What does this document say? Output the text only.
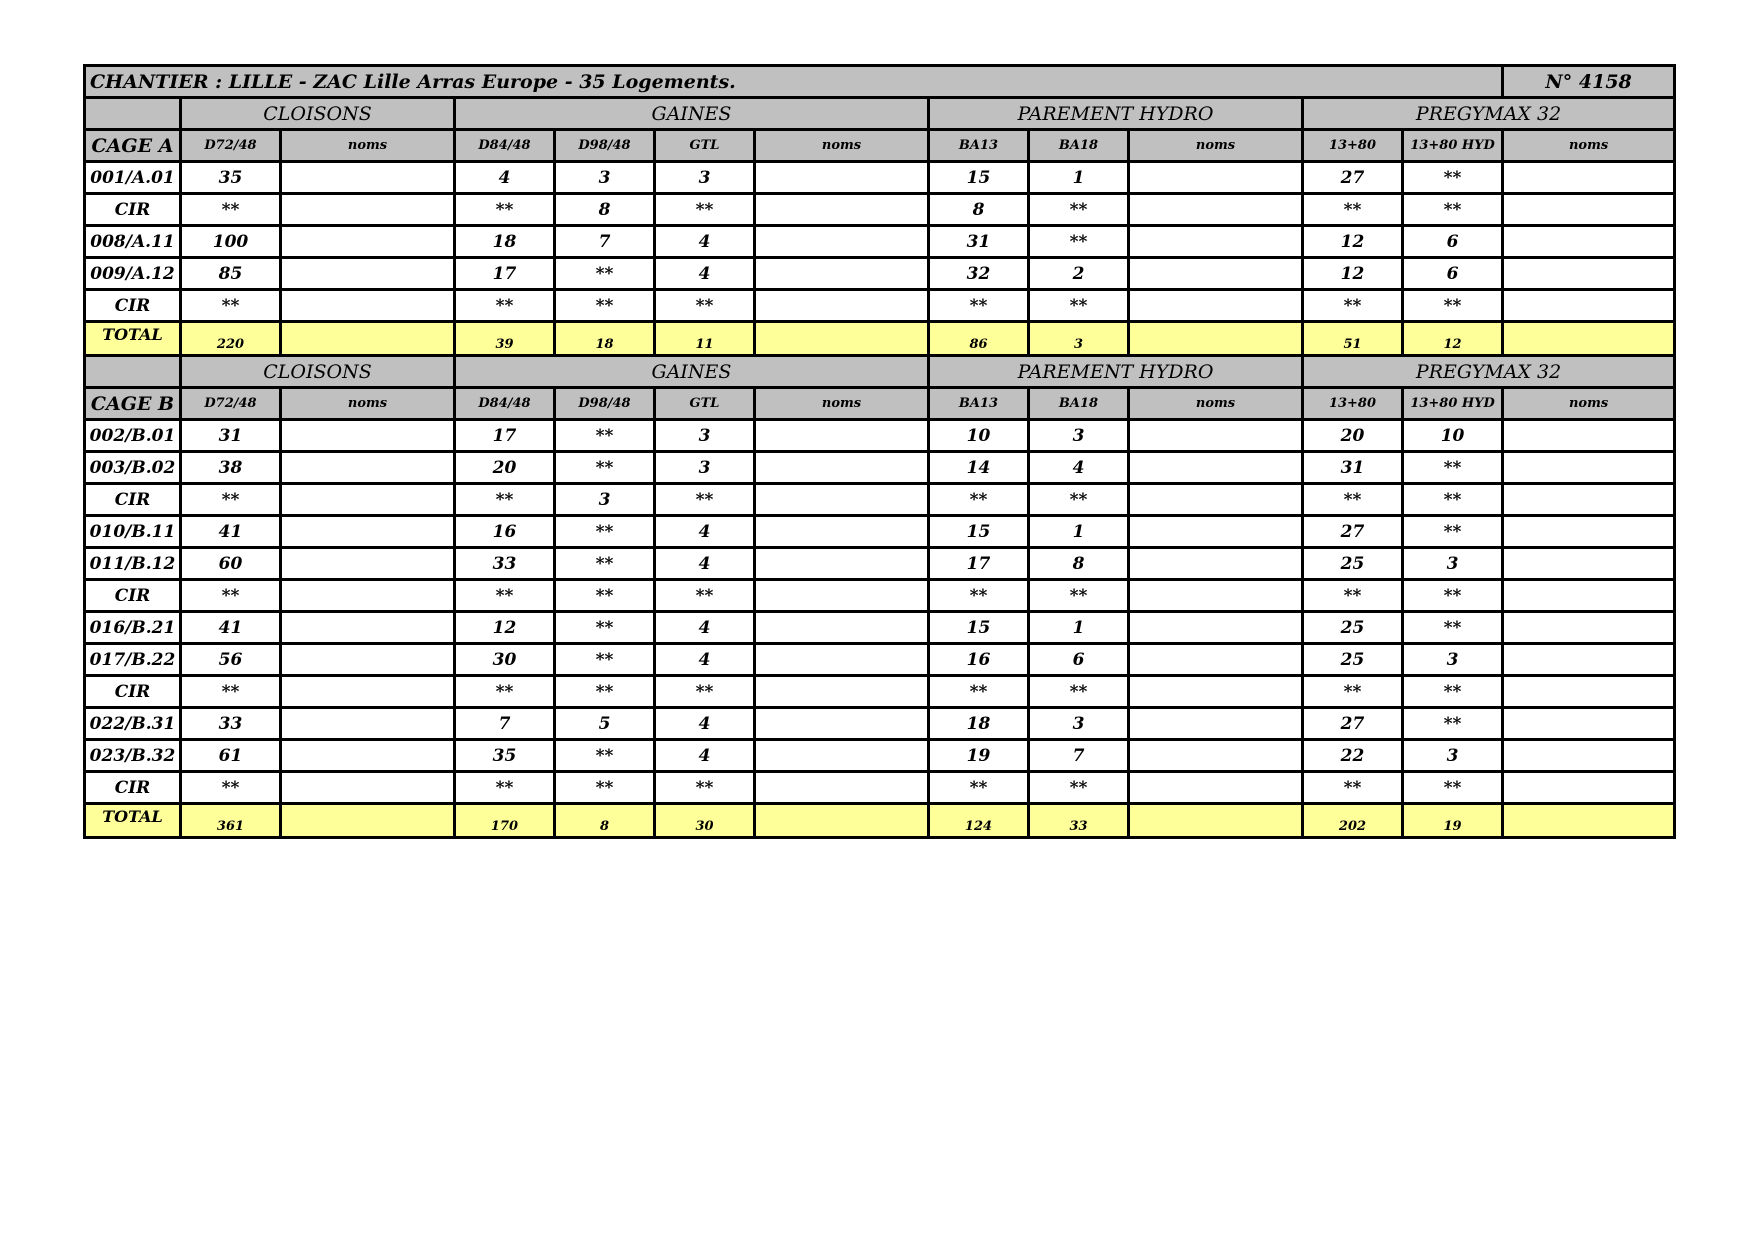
CHANTIER : LILLE - ZAC Lille Arras Europe - 35 Logements.												N° 4158
	CLOISONS		GAINES				PAREMENT HYDRO			PREGYMAX 32		
CAGE A	D72/48	noms	D84/48	D98/48	GTL	noms	BA13	BA18	noms	13+80	13+80 HYD	noms
001/A.01	35		4	3	3		15	1		27	**	
CIR	**		**	8	**		8	**		**	**	
008/A.11	100		18	7	4		31	**		12	6	
009/A.12	85		17	**	4		32	2		12	6	
CIR	**		**	**	**		**	**		**	**	
TOTAL	220		39	18	11		86	3		51	12	
	CLOISONS		GAINES				PAREMENT HYDRO			PREGYMAX 32		
CAGE B	D72/48	noms	D84/48	D98/48	GTL	noms	BA13	BA18	noms	13+80	13+80 HYD	noms
002/B.01	31		17	**	3		10	3		20	10	
003/B.02	38		20	**	3		14	4		31	**	
CIR	**		**	3	**		**	**		**	**	
010/B.11	41		16	**	4		15	1		27	**	
011/B.12	60		33	**	4		17	8		25	3	
CIR	**		**	**	**		**	**		**	**	
016/B.21	41		12	**	4		15	1		25	**	
017/B.22	56		30	**	4		16	6		25	3	
CIR	**		**	**	**		**	**		**	**	
022/B.31	33		7	5	4		18	3		27	**	
023/B.32	61		35	**	4		19	7		22	3	
CIR	**		**	**	**		**	**		**	**	
TOTAL	361		170	8	30		124	33		202	19	
